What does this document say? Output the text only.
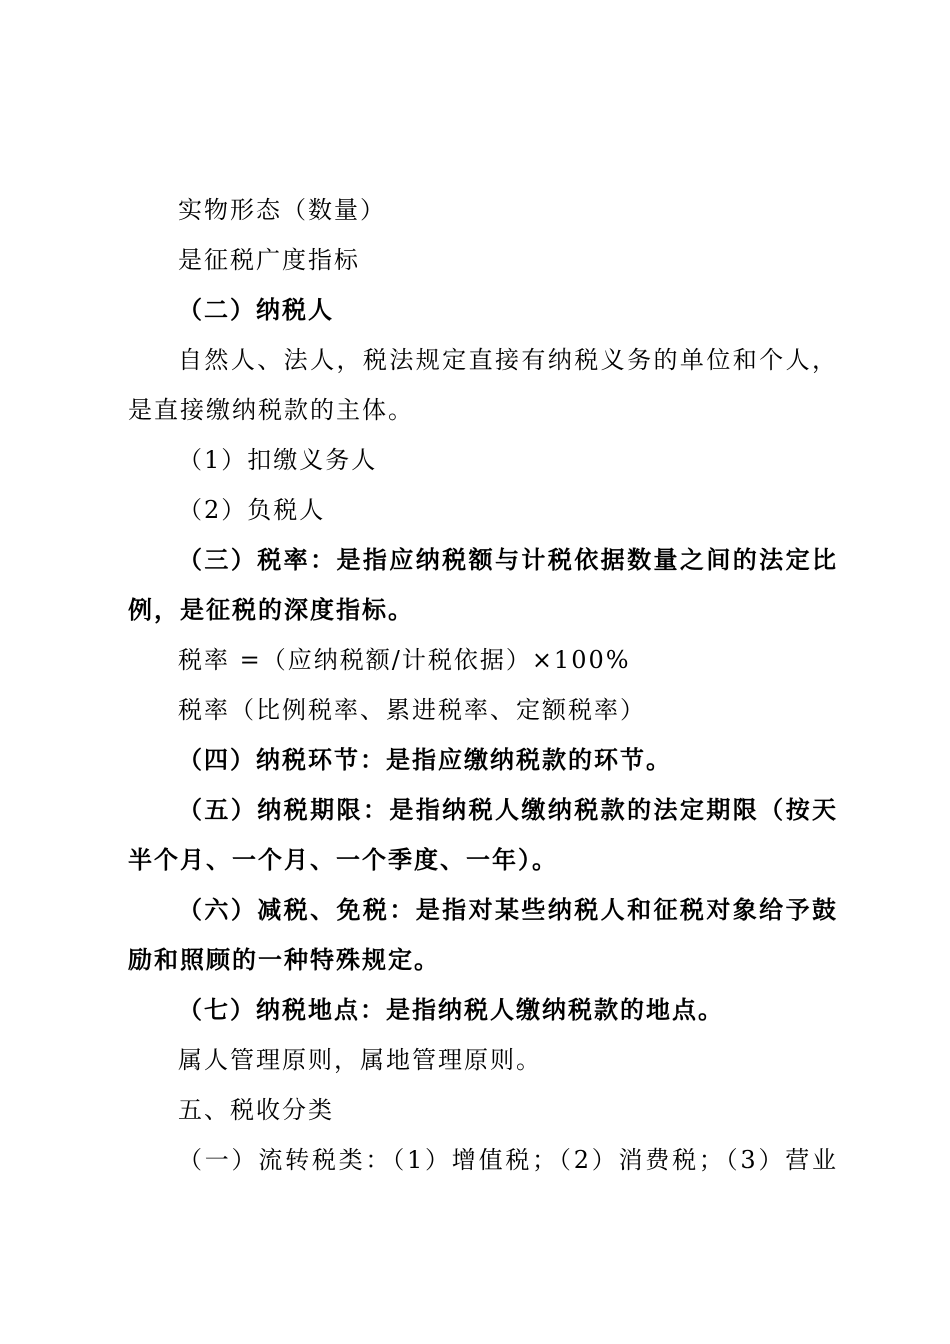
实物形态（数量）
是征税广度指标
（二）纳税人
自然人、法人，税法规定直接有纳税义务的单位和个人，
是直接缴纳税款的主体。
（1）扣缴义务人
（2）负税人
（三）税率：是指应纳税额与计税依据数量之间的法定比
例，是征税的深度指标。
税率 =（应纳税额/计税依据）×100%
税率（比例税率、累进税率、定额税率）
（四）纳税环节：是指应缴纳税款的环节。
（五）纳税期限：是指纳税人缴纳税款的法定期限（按天
半个月、一个月、一个季度、一年）。
（六）减税、免税：是指对某些纳税人和征税对象给予鼓
励和照顾的一种特殊规定。
（七）纳税地点：是指纳税人缴纳税款的地点。
属人管理原则，属地管理原则。
五、税收分类
（一）流转税类：（1）增值税；（2）消费税；（3）营业
